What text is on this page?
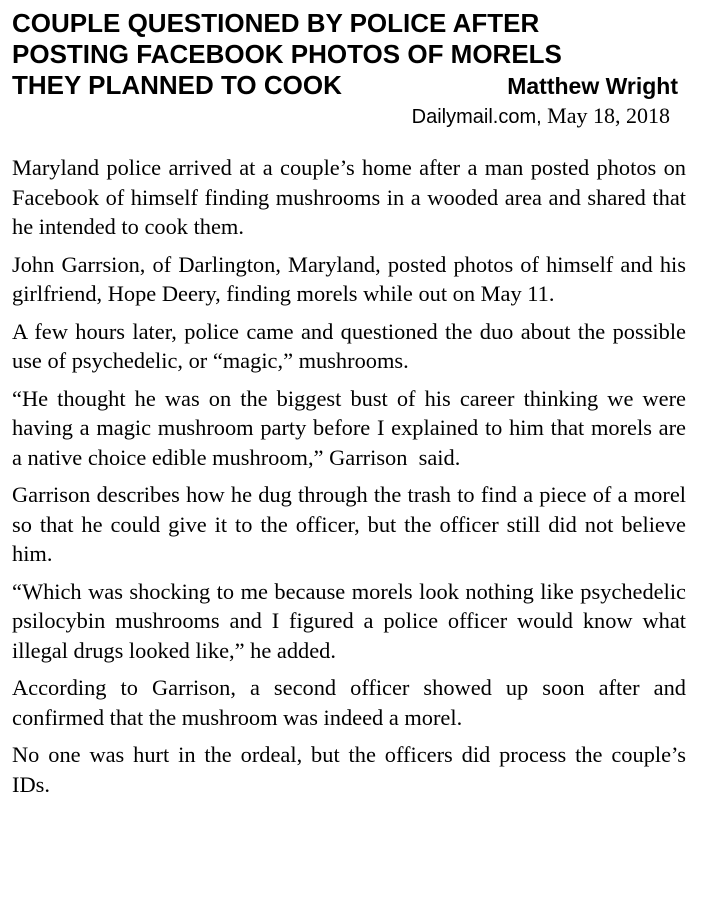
COUPLE QUESTIONED BY POLICE AFTER
POSTING FACEBOOK PHOTOS OF MORELS
THEY PLANNED TO COOK	Matthew Wright
Dailymail.com, May 18, 2018

Maryland police arrived at a couple’s home after a man posted photos on Facebook of himself finding mushrooms in a wooded area and shared that he intended to cook them.

John Garrsion, of Darlington, Maryland, posted photos of himself and his girlfriend, Hope Deery, finding morels while out on May 11.

A few hours later, police came and questioned the duo about the possible use of psychedelic, or “magic,” mushrooms.

“He thought he was on the biggest bust of his career thinking we were having a magic mushroom party before I explained to him that morels are a native choice edible mushroom,” Garrison  said.

Garrison describes how he dug through the trash to find a piece of a morel so that he could give it to the officer, but the officer still did not believe him.

“Which was shocking to me because morels look nothing like psychedelic psilocybin mushrooms and I figured a police officer would know what illegal drugs looked like,” he added.

According to Garrison, a second officer showed up soon after and confirmed that the mushroom was indeed a morel.

No one was hurt in the ordeal, but the officers did process the couple’s IDs.
